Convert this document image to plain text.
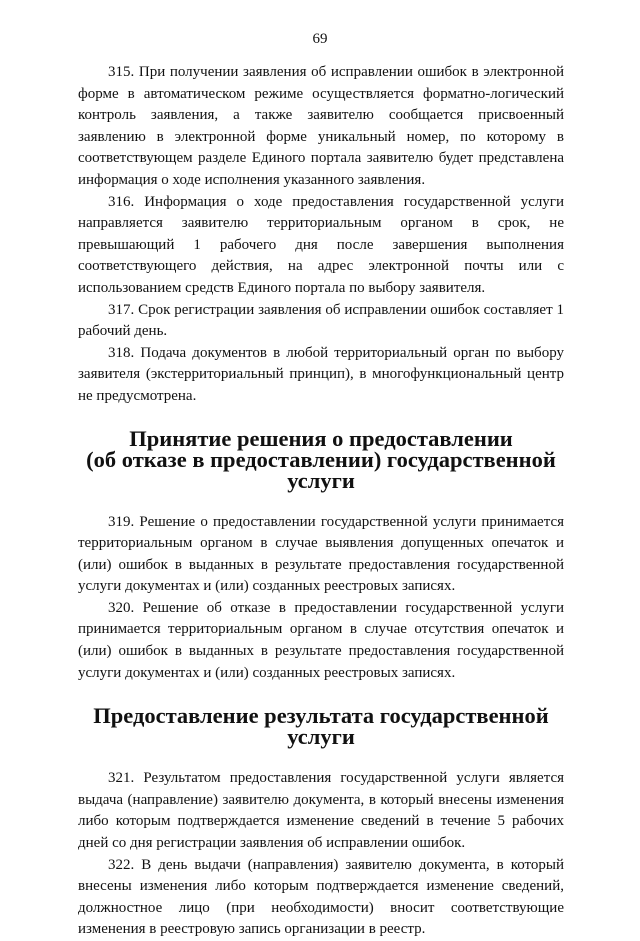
69

315. При получении заявления об исправлении ошибок в электронной форме в автоматическом режиме осуществляется форматно-логический контроль заявления, а также заявителю сообщается присвоенный заявлению в электронной форме уникальный номер, по которому в соответствующем разделе Единого портала заявителю будет представлена информация о ходе исполнения указанного заявления.

316. Информация о ходе предоставления государственной услуги направляется заявителю территориальным органом в срок, не превышающий 1 рабочего дня после завершения выполнения соответствующего действия, на адрес электронной почты или с использованием средств Единого портала по выбору заявителя.

317. Срок регистрации заявления об исправлении ошибок составляет 1 рабочий день.

318. Подача документов в любой территориальный орган по выбору заявителя (экстерриториальный принцип), в многофункциональный центр не предусмотрена.

Принятие решения о предоставлении
(об отказе в предоставлении) государственной услуги

319. Решение о предоставлении государственной услуги принимается территориальным органом в случае выявления допущенных опечаток и (или) ошибок в выданных в результате предоставления государственной услуги документах и (или) созданных реестровых записях.

320. Решение об отказе в предоставлении государственной услуги принимается территориальным органом в случае отсутствия опечаток и (или) ошибок в выданных в результате предоставления государственной услуги документах и (или) созданных реестровых записях.

Предоставление результата государственной услуги

321. Результатом предоставления государственной услуги является выдача (направление) заявителю документа, в который внесены изменения либо которым подтверждается изменение сведений в течение 5 рабочих дней со дня регистрации заявления об исправлении ошибок.

322. В день выдачи (направления) заявителю документа, в который внесены изменения либо которым подтверждается изменение сведений, должностное лицо (при необходимости) вносит соответствующие изменения в реестровую запись организации в реестр.
